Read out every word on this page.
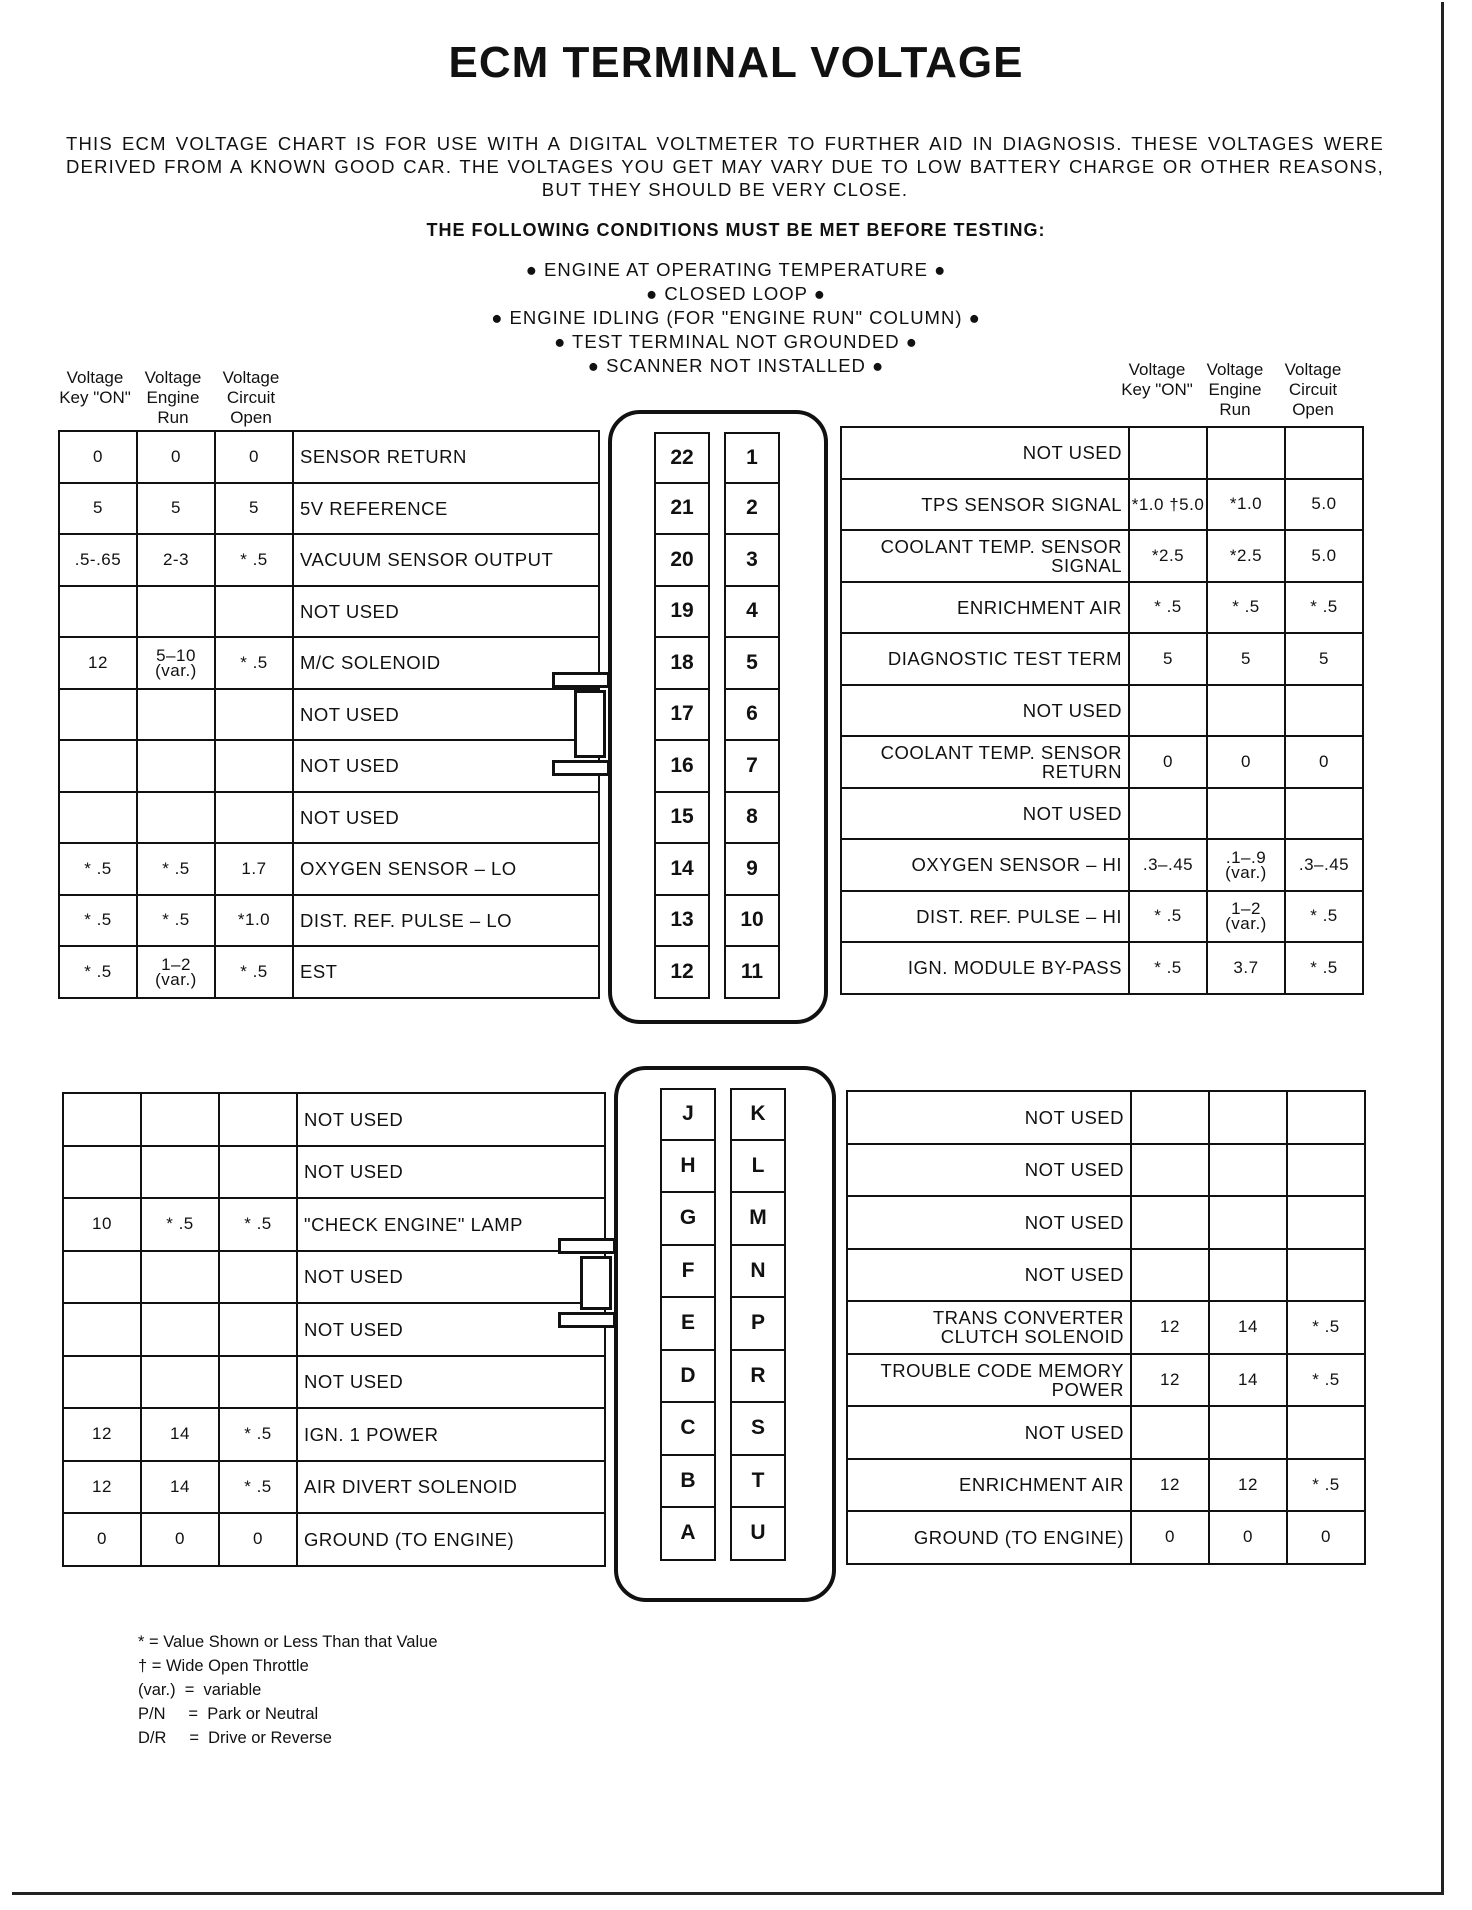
ECM TERMINAL VOLTAGE
THIS ECM VOLTAGE CHART IS FOR USE WITH A DIGITAL VOLTMETER TO FURTHER AID IN DIAGNOSIS. THESE VOLTAGES WERE DERIVED FROM A KNOWN GOOD CAR. THE VOLTAGES YOU GET MAY VARY DUE TO LOW BATTERY CHARGE OR OTHER REASONS, BUT THEY SHOULD BE VERY CLOSE.
THE FOLLOWING CONDITIONS MUST BE MET BEFORE TESTING:
● ENGINE AT OPERATING TEMPERATURE ●
● CLOSED LOOP ●
● ENGINE IDLING (FOR "ENGINE RUN" COLUMN) ●
● TEST TERMINAL NOT GROUNDED ●
● SCANNER NOT INSTALLED ●
Voltage Key "ON"
Voltage Engine Run
Voltage Circuit Open
Voltage Key "ON"
Voltage Engine Run
Voltage Circuit Open
0	0	0	SENSOR RETURN
5	5	5	5V REFERENCE
.5-.65	2-3	* .5	VACUUM SENSOR OUTPUT
			NOT USED
12	5–10 (var.)	* .5	M/C SOLENOID
			NOT USED
			NOT USED
			NOT USED
* .5	* .5	1.7	OXYGEN SENSOR – LO
* .5	* .5	*1.0	DIST. REF. PULSE – LO
* .5	1–2 (var.)	* .5	EST
NOT USED			
TPS SENSOR SIGNAL	*1.0 †5.0	*1.0	5.0
COOLANT TEMP. SENSOR SIGNAL	*2.5	*2.5	5.0
ENRICHMENT AIR	* .5	* .5	* .5
DIAGNOSTIC TEST TERM	5	5	5
NOT USED			
COOLANT TEMP. SENSOR RETURN	0	0	0
NOT USED			
OXYGEN SENSOR – HI	.3–.45	.1–.9 (var.)	.3–.45
DIST. REF. PULSE – HI	* .5	1–2 (var.)	* .5
IGN. MODULE BY-PASS	* .5	3.7	* .5
			NOT USED
			NOT USED
10	* .5	* .5	"CHECK ENGINE" LAMP
			NOT USED
			NOT USED
			NOT USED
12	14	* .5	IGN. 1 POWER
12	14	* .5	AIR DIVERT SOLENOID
0	0	0	GROUND (TO ENGINE)
NOT USED			
NOT USED			
NOT USED			
NOT USED			
TRANS CONVERTER CLUTCH SOLENOID	12	14	* .5
TROUBLE CODE MEMORY POWER	12	14	* .5
NOT USED			
ENRICHMENT AIR	12	12	* .5
GROUND (TO ENGINE)	0	0	0
22	1
21	2
20	3
19	4
18	5
17	6
16	7
15	8
14	9
13	10
12	11
J	K
H	L
G	M
F	N
E	P
D	R
C	S
B	T
A	U
* = Value Shown or Less Than that Value
† = Wide Open Throttle
(var.)  =  variable
P/N     =  Park or Neutral
D/R     =  Drive or Reverse
